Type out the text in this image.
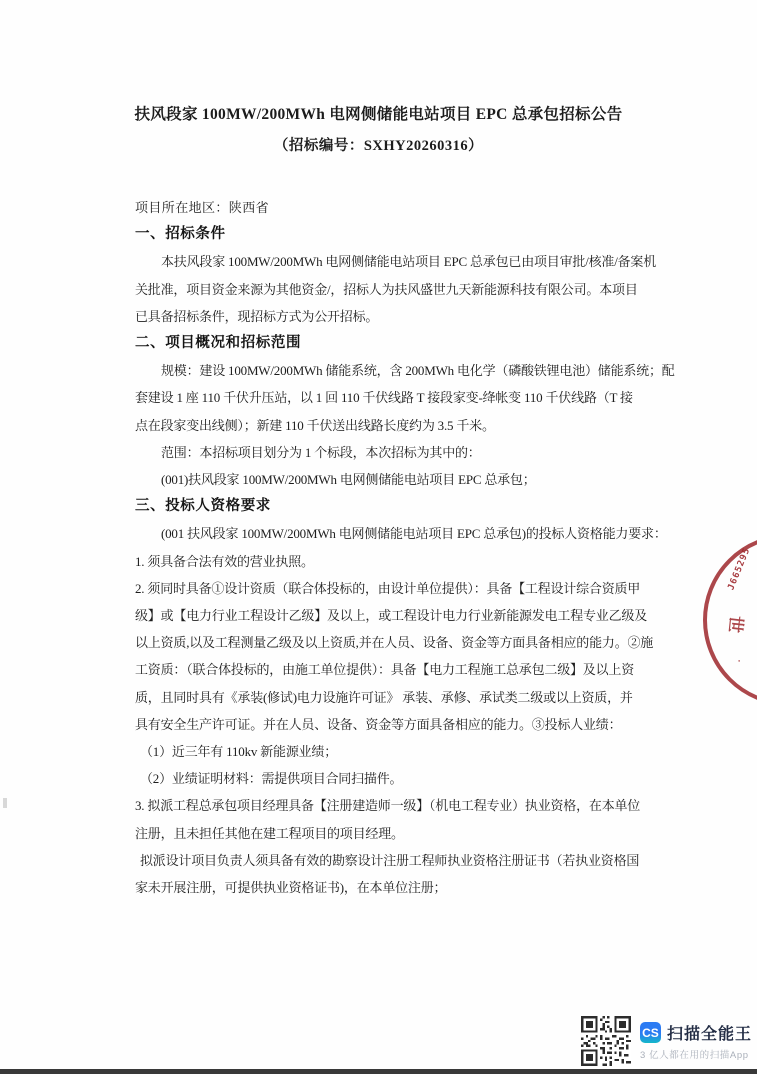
扶风段家 100MW/200MWh 电网侧储能电站项目 EPC 总承包招标公告
（招标编号：SXHY20260316）
项目所在地区：陕西省
一、招标条件
本扶风段家 100MW/200MWh 电网侧储能电站项目 EPC 总承包已由项目审批/核准/备案机
关批准，项目资金来源为其他资金/，招标人为扶风盛世九天新能源科技有限公司。本项目
已具备招标条件，现招标方式为公开招标。
二、项目概况和招标范围
规模：建设 100MW/200MWh 储能系统，含 200MWh 电化学（磷酸铁锂电池）储能系统；配
套建设 1 座 110 千伏升压站，以 1 回 110 千伏线路 T 接段家变-绛帐变 110 千伏线路（T 接
点在段家变出线侧）；新建 110 千伏送出线路长度约为 3.5 千米。
范围：本招标项目划分为 1 个标段，本次招标为其中的：
(001)扶风段家 100MW/200MWh 电网侧储能电站项目 EPC 总承包；
三、投标人资格要求
(001 扶风段家 100MW/200MWh 电网侧储能电站项目 EPC 总承包)的投标人资格能力要求：
1. 须具备合法有效的营业执照。
2. 须同时具备①设计资质（联合体投标的，由设计单位提供）：具备【工程设计综合资质甲
级】或【电力行业工程设计乙级】及以上，或工程设计电力行业新能源发电工程专业乙级及
以上资质,以及工程测量乙级及以上资质,并在人员、设备、资金等方面具备相应的能力。②施
工资质：（联合体投标的，由施工单位提供）：具备【电力工程施工总承包二级】及以上资
质，且同时具有《承装(修试)电力设施许可证》 承装、承修、承试类二级或以上资质，并
具有安全生产许可证。并在人员、设备、资金等方面具备相应的能力。③投标人业绩：
（1）近三年有 110kv 新能源业绩；
（2）业绩证明材料：需提供项目合同扫描件。
3. 拟派工程总承包项目经理具备【注册建造师一级】（机电工程专业）执业资格，在本单位
注册，且未担任其他在建工程项目的项目经理。
拟派设计项目负责人须具备有效的勘察设计注册工程师执业资格注册证书（若执业资格国
家未开展注册，可提供执业资格证书)，在本单位注册；
J665295
世
·
CS 扫描全能王
3 亿人都在用的扫描App
